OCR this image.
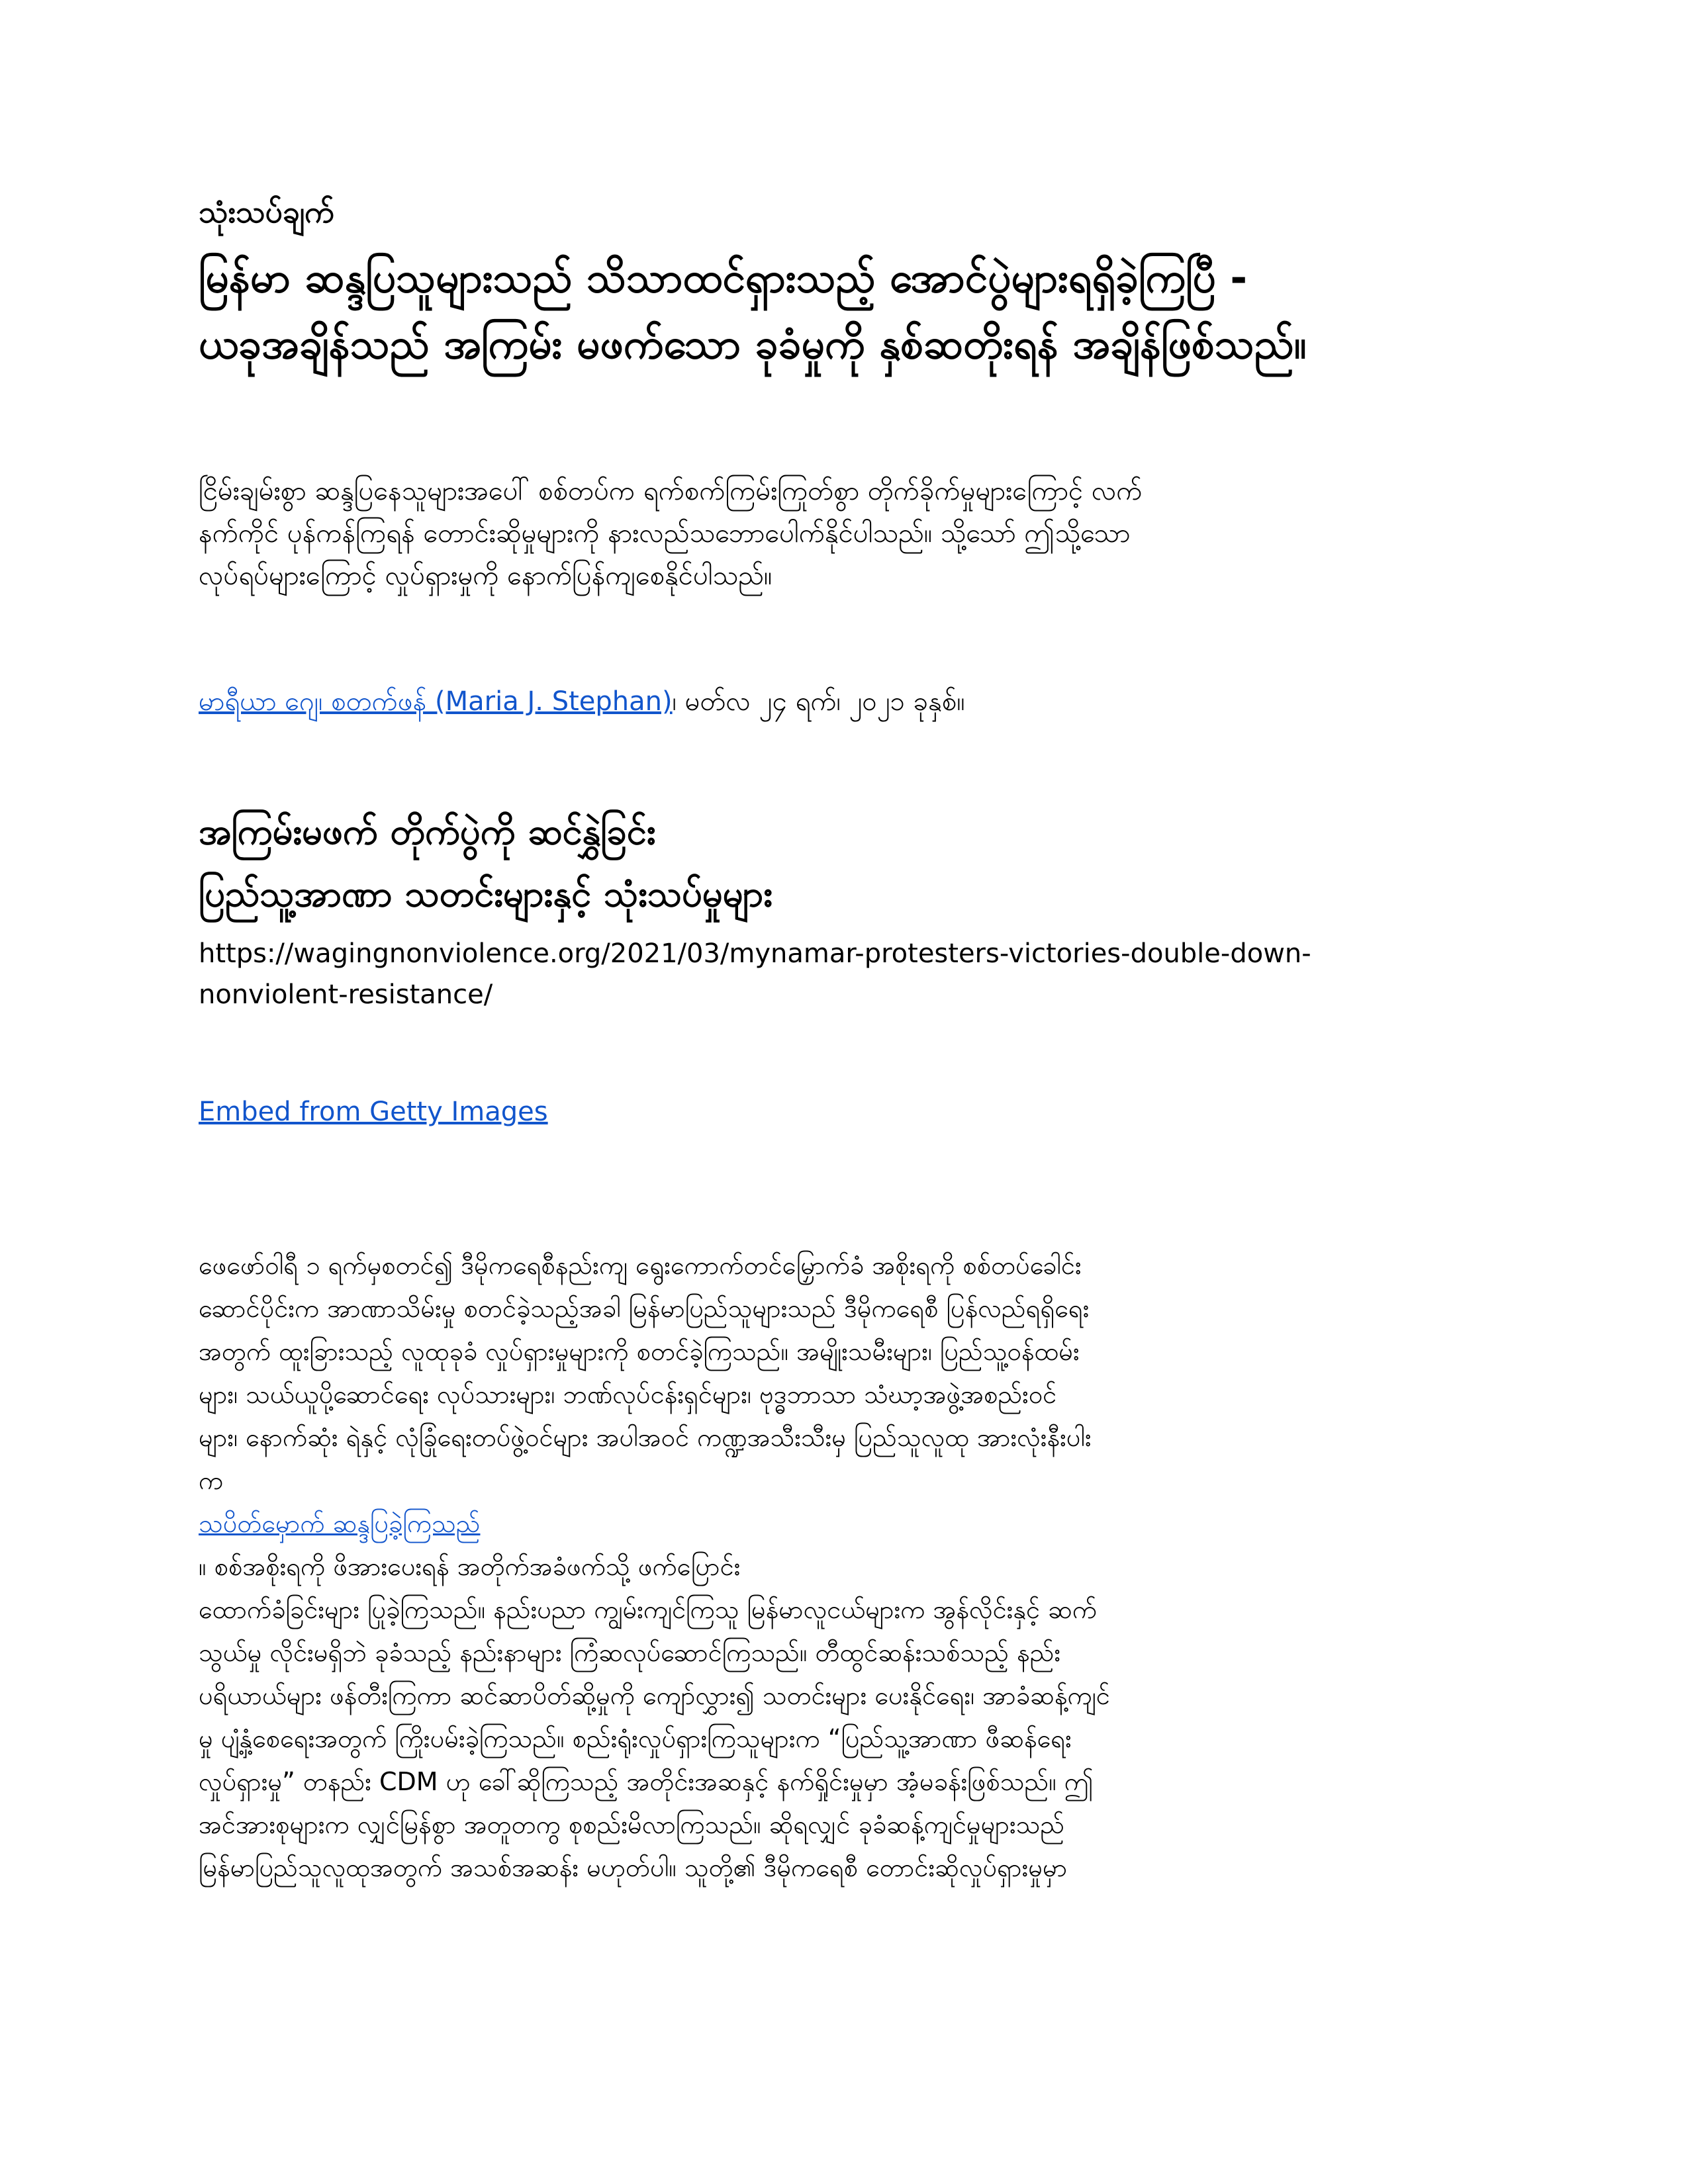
သုံးသပ်ချက်
မြန်မာ ဆန္ဒပြသူများသည် သိသာထင်ရှားသည့် အောင်ပွဲများရရှိခဲ့ကြပြီ -
ယခုအချိန်သည် အကြမ်း မဖက်သော ခုခံမှုကို နှစ်ဆတိုးရန် အချိန်ဖြစ်သည်။
ငြိမ်းချမ်းစွာ ဆန္ဒပြနေသူများအပေါ် စစ်တပ်က ရက်စက်ကြမ်းကြုတ်စွာ တိုက်ခိုက်မှုများကြောင့် လက်
နက်ကိုင် ပုန်ကန်ကြရန် တောင်းဆိုမှုများကို နားလည်သဘောပေါက်နိုင်ပါသည်။ သို့သော် ဤသို့သော
လုပ်ရပ်များကြောင့် လှုပ်ရှားမှုကို နောက်ပြန်ကျစေနိုင်ပါသည်။
မာရီယာ ဂျေ၊ စတက်ဖန် (Maria J. Stephan)၊ မတ်လ ၂၄ ရက်၊ ၂၀၂၁ ခုနှစ်။
အကြမ်းမဖက် တိုက်ပွဲကို ဆင်နွှဲခြင်း
ပြည်သူ့အာဏာ သတင်းများနှင့် သုံးသပ်မှုများ
https://wagingnonviolence.org/2021/03/mynamar-protesters-victories-double-down-
nonviolent-resistance/
Embed from Getty Images
ဖေဖော်ဝါရီ ၁ ရက်မှစတင်၍ ဒီမိုကရေစီနည်းကျ ရွေးကောက်တင်မြှောက်ခံ အစိုးရကို စစ်တပ်ခေါင်း
ဆောင်ပိုင်းက အာဏာသိမ်းမှု စတင်ခဲ့သည့်အခါ မြန်မာပြည်သူများသည် ဒီမိုကရေစီ ပြန်လည်ရရှိရေး
အတွက် ထူးခြားသည့် လူထုခုခံ လှုပ်ရှားမှုများကို စတင်ခဲ့ကြသည်။ အမျိုးသမီးများ၊ ပြည်သူ့ဝန်ထမ်း
များ၊ သယ်ယူပို့ဆောင်ရေး လုပ်သားများ၊ ဘဏ်လုပ်ငန်းရှင်များ၊ ဗုဒ္ဓဘာသာ သံဃာ့အဖွဲ့အစည်းဝင်
များ၊ နောက်ဆုံး ရဲနှင့် လုံခြုံရေးတပ်ဖွဲ့ဝင်များ အပါအဝင် ကဏ္ဍအသီးသီးမှ ပြည်သူလူထု အားလုံးနီးပါး
က
သပိတ်မှောက် ဆန္ဒပြခဲ့ကြသည်
။ စစ်အစိုးရကို ဖိအားပေးရန် အတိုက်အခံဖက်သို့ ဖက်ပြောင်း
ထောက်ခံခြင်းများ ပြုခဲ့ကြသည်။ နည်းပညာ ကျွမ်းကျင်ကြသူ မြန်မာလူငယ်များက အွန်လိုင်းနှင့် ဆက်
သွယ်မှု လိုင်းမရှိဘဲ ခုခံသည့် နည်းနာများ ကြံဆလုပ်ဆောင်ကြသည်။ တီထွင်ဆန်းသစ်သည့် နည်း
ပရိယာယ်များ ဖန်တီးကြကာ ဆင်ဆာပိတ်ဆို့မှုကို ကျော်လွှား၍ သတင်းများ ပေးနိုင်ရေး၊ အာခံဆန့်ကျင်
မှု ပျံ့နှံ့စေရေးအတွက် ကြိုးပမ်းခဲ့ကြသည်။ စည်းရုံးလှုပ်ရှားကြသူများက “ပြည်သူ့အာဏာ ဖီဆန်ရေး
လှုပ်ရှားမှု” တနည်း CDM ဟု ခေါ်ဆိုကြသည့် အတိုင်းအဆနှင့် နက်ရှိုင်းမှုမှာ အံ့မခန်းဖြစ်သည်။ ဤ
အင်အားစုများက လျှင်မြန်စွာ အတူတကွ စုစည်းမိလာကြသည်။ ဆိုရလျှင် ခုခံဆန့်ကျင်မှုများသည်
မြန်မာပြည်သူလူထုအတွက် အသစ်အဆန်း မဟုတ်ပါ။ သူတို့၏ ဒီမိုကရေစီ တောင်းဆိုလှုပ်ရှားမှုမှာ
